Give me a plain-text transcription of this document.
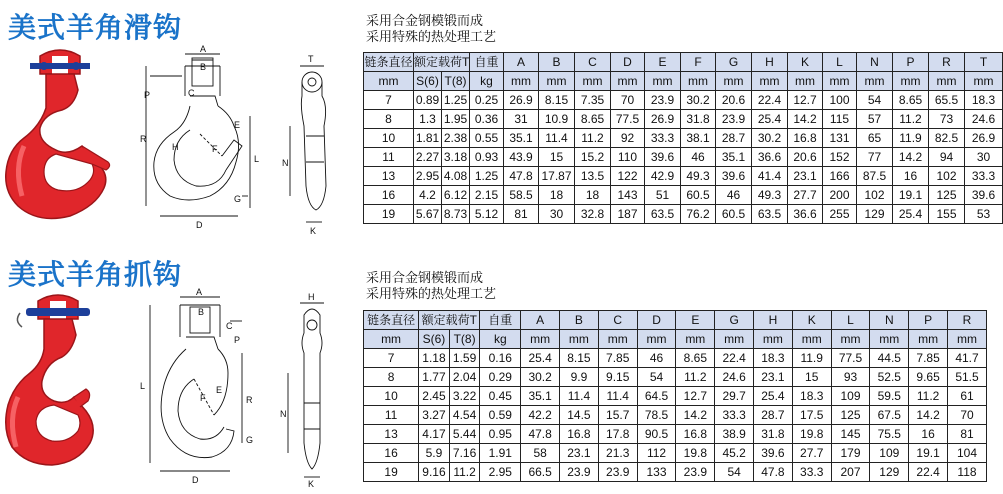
美式羊角滑钩
A
B
C
P
R
H	F
E
L
G
D
T
N
K
采用合金钢模锻而成
采用特殊的热处理工艺
链条直径	额定载荷T		自重	A	B	C	D	E	F	G	H	K	L	N	P	R	T
mm	S(6)	T(8)	kg	mm	mm	mm	mm	mm	mm	mm	mm	mm	mm	mm	mm	mm	mm
7	0.89	1.25	0.25	26.9	8.15	7.35	70	23.9	30.2	20.6	22.4	12.7	100	54	8.65	65.5	18.3
8	1.3	1.95	0.36	31	10.9	8.65	77.5	26.9	31.8	23.9	25.4	14.2	115	57	11.2	73	24.6
10	1.81	2.38	0.55	35.1	11.4	11.2	92	33.3	38.1	28.7	30.2	16.8	131	65	11.9	82.5	26.9
11	2.27	3.18	0.93	43.9	15	15.2	110	39.6	46	35.1	36.6	20.6	152	77	14.2	94	30
13	2.95	4.08	1.25	47.8	17.87	13.5	122	42.9	49.3	39.6	41.4	23.1	166	87.5	16	102	33.3
16	4.2	6.12	2.15	58.5	18	18	143	51	60.5	46	49.3	27.7	200	102	19.1	125	39.6
19	5.67	8.73	5.12	81	30	32.8	187	63.5	76.2	60.5	63.5	36.6	255	129	25.4	155	53
美式羊角抓钩
A
B
C
P
R
L
F
E
G
D
H
N
K
采用合金钢模锻而成
采用特殊的热处理工艺
链条直径	额定载荷T		自重	A	B	C	D	E	G	H	K	L	N	P	R
mm	S(6)	T(8)	kg	mm	mm	mm	mm	mm	mm	mm	mm	mm	mm	mm	mm
7	1.18	1.59	0.16	25.4	8.15	7.85	46	8.65	22.4	18.3	11.9	77.5	44.5	7.85	41.7
8	1.77	2.04	0.29	30.2	9.9	9.15	54	11.2	24.6	23.1	15	93	52.5	9.65	51.5
10	2.45	3.22	0.45	35.1	11.4	11.4	64.5	12.7	29.7	25.4	18.3	109	59.5	11.2	61
11	3.27	4.54	0.59	42.2	14.5	15.7	78.5	14.2	33.3	28.7	17.5	125	67.5	14.2	70
13	4.17	5.44	0.95	47.8	16.8	17.8	90.5	16.8	38.9	31.8	19.8	145	75.5	16	81
16	5.9	7.16	1.91	58	23.1	21.3	112	19.8	45.2	39.6	27.7	179	109	19.1	104
19	9.16	11.2	2.95	66.5	23.9	23.9	133	23.9	54	47.8	33.3	207	129	22.4	118
